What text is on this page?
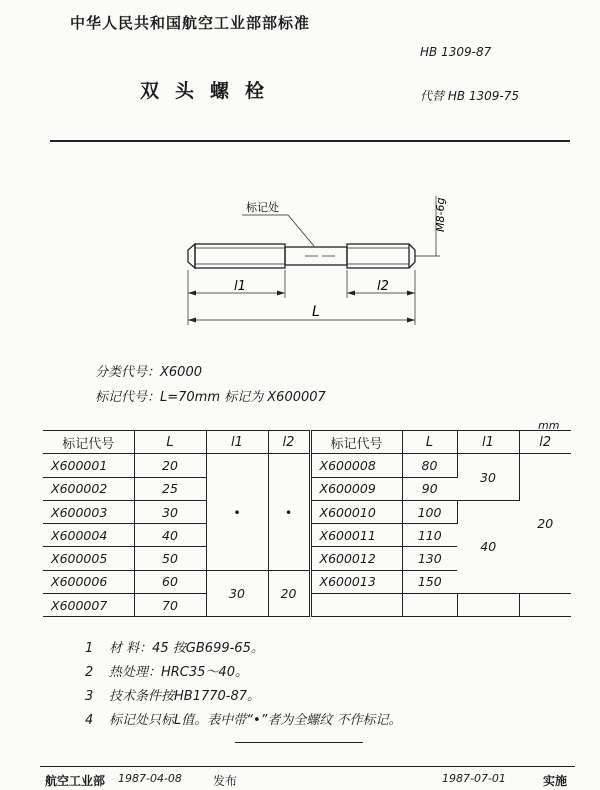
中华人民共和国航空工业部部标准
HB 1309-87
双头螺栓	代替 HB 1309-75
标记处	M8-6g
l1	l2
L
分类代号：X6000
标记代号：L=70mm 标记为 X600007
mm
标记代号	L	l1	l2	标记代号	L	l1	l2
X600001	20	•	•	X600008	80	30	20
X600002	25			X600009	90		
X600003	30			X600010	100	40	
X600004	40			X600011	110		
X600005	50			X600012	130		
X600006	60	30	20	X600013	150		
X600007	70						
1 材 料：45 按GB699-65。
2 热处理：HRC35～40。
3 技术条件按HB1770-87。
4 标记处只标L值。表中带“•”者为全螺纹 不作标记。
航空工业部 1987-04-08	发布	1987-07-01	实施
